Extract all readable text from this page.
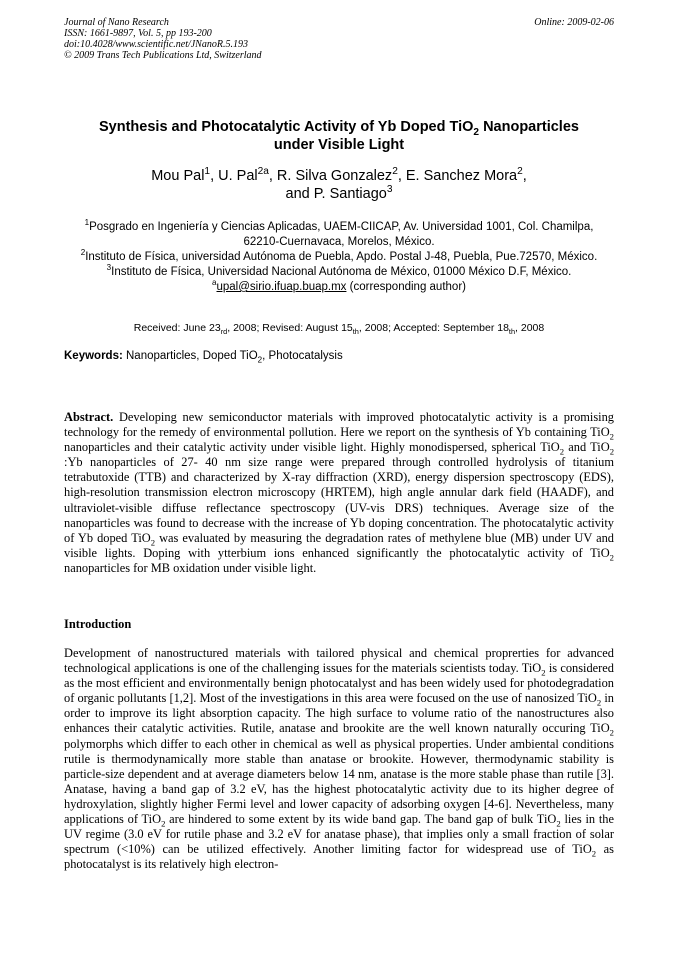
Journal of Nano Research
ISSN: 1661-9897, Vol. 5, pp 193-200
doi:10.4028/www.scientific.net/JNanoR.5.193
© 2009 Trans Tech Publications Ltd, Switzerland
Online: 2009-02-06
Synthesis and Photocatalytic Activity of Yb Doped TiO$_2$ Nanoparticles
under Visible Light
Mou Pal$^1$, U. Pal$^{2a}$, R. Silva Gonzalez$^2$, E. Sanchez Mora$^2$,
and P. Santiago$^3$

$^1$Posgrado en Ingeniería y Ciencias Aplicadas, UAEM-CIICAP, Av. Universidad 1001, Col. Chamilpa, 62210-Cuernavaca, Morelos, México.

$^2$Instituto de Física, universidad Autónoma de Puebla, Apdo. Postal J-48, Puebla, Pue.72570, México.

$^3$Instituto de Física, Universidad Nacional Autónoma de México, 01000 México D.F, México.

$^a$upal@sirio.ifuap.buap.mx (corresponding author)

Received: June $23_{rd}$, 2008; Revised: August $15_{th}$, 2008; Accepted: September $18_{th}$, 2008
Keywords: Nanoparticles, Doped TiO$_2$, Photocatalysis

Abstract. Developing new semiconductor materials with improved photocatalytic activity is a promising technology for the remedy of environmental pollution. Here we report on the synthesis of Yb containing TiO$_2$ nanoparticles and their catalytic activity under visible light. Highly monodispersed, spherical TiO$_2$ and TiO$_2$ :Yb nanoparticles of 27- 40 nm size range were prepared through controlled hydrolysis of titanium tetrabutoxide (TTB) and characterized by X-ray diffraction (XRD), energy dispersion spectroscopy (EDS), high-resolution transmission electron microscopy (HRTEM), high angle annular dark field (HAADF), and ultraviolet-visible diffuse reflectance spectroscopy (UV-vis DRS) techniques. Average size of the nanoparticles was found to decrease with the increase of Yb doping concentration. The photocatalytic activity of Yb doped TiO$_2$ was evaluated by measuring the degradation rates of methylene blue (MB) under UV and visible lights. Doping with ytterbium ions enhanced significantly the photocatalytic activity of TiO$_2$ nanoparticles for MB oxidation under visible light.

Introduction

Development of nanostructured materials with tailored physical and chemical proprerties for advanced technological applications is one of the challenging issues for the materials scientists today. TiO$_2$ is considered as the most efficient and environmentally benign photocatalyst and has been widely used for photodegradation of organic pollutants [1,2]. Most of the investigations in this area were focused on the use of nanosized TiO$_2$ in order to improve its light absorption capacity. The high surface to volume ratio of the nanostructures also enhances their catalytic activities. Rutile, anatase and brookite are the well known naturally occuring TiO$_2$ polymorphs which differ to each other in chemical as well as physical properties. Under ambiental conditions rutile is thermodynamically more stable than anatase or brookite. However, thermodynamic stability is particle-size dependent and at average diameters below 14 nm, anatase is the more stable phase than rutile [3]. Anatase, having a band gap of 3.2 eV, has the highest photocatalytic activity due to its higher degree of hydroxylation, slightly higher Fermi level and lower capacity of adsorbing oxygen [4-6]. Nevertheless, many applications of TiO$_2$ are hindered to some extent by its wide band gap. The band gap of bulk TiO$_2$ lies in the UV regime (3.0 eV for rutile phase and 3.2 eV for anatase phase), that implies only a small fraction of solar spectrum (<10%) can be utilized effectively. Another limiting factor for widespread use of TiO$_2$ as photocatalyst is its relatively high electron-
